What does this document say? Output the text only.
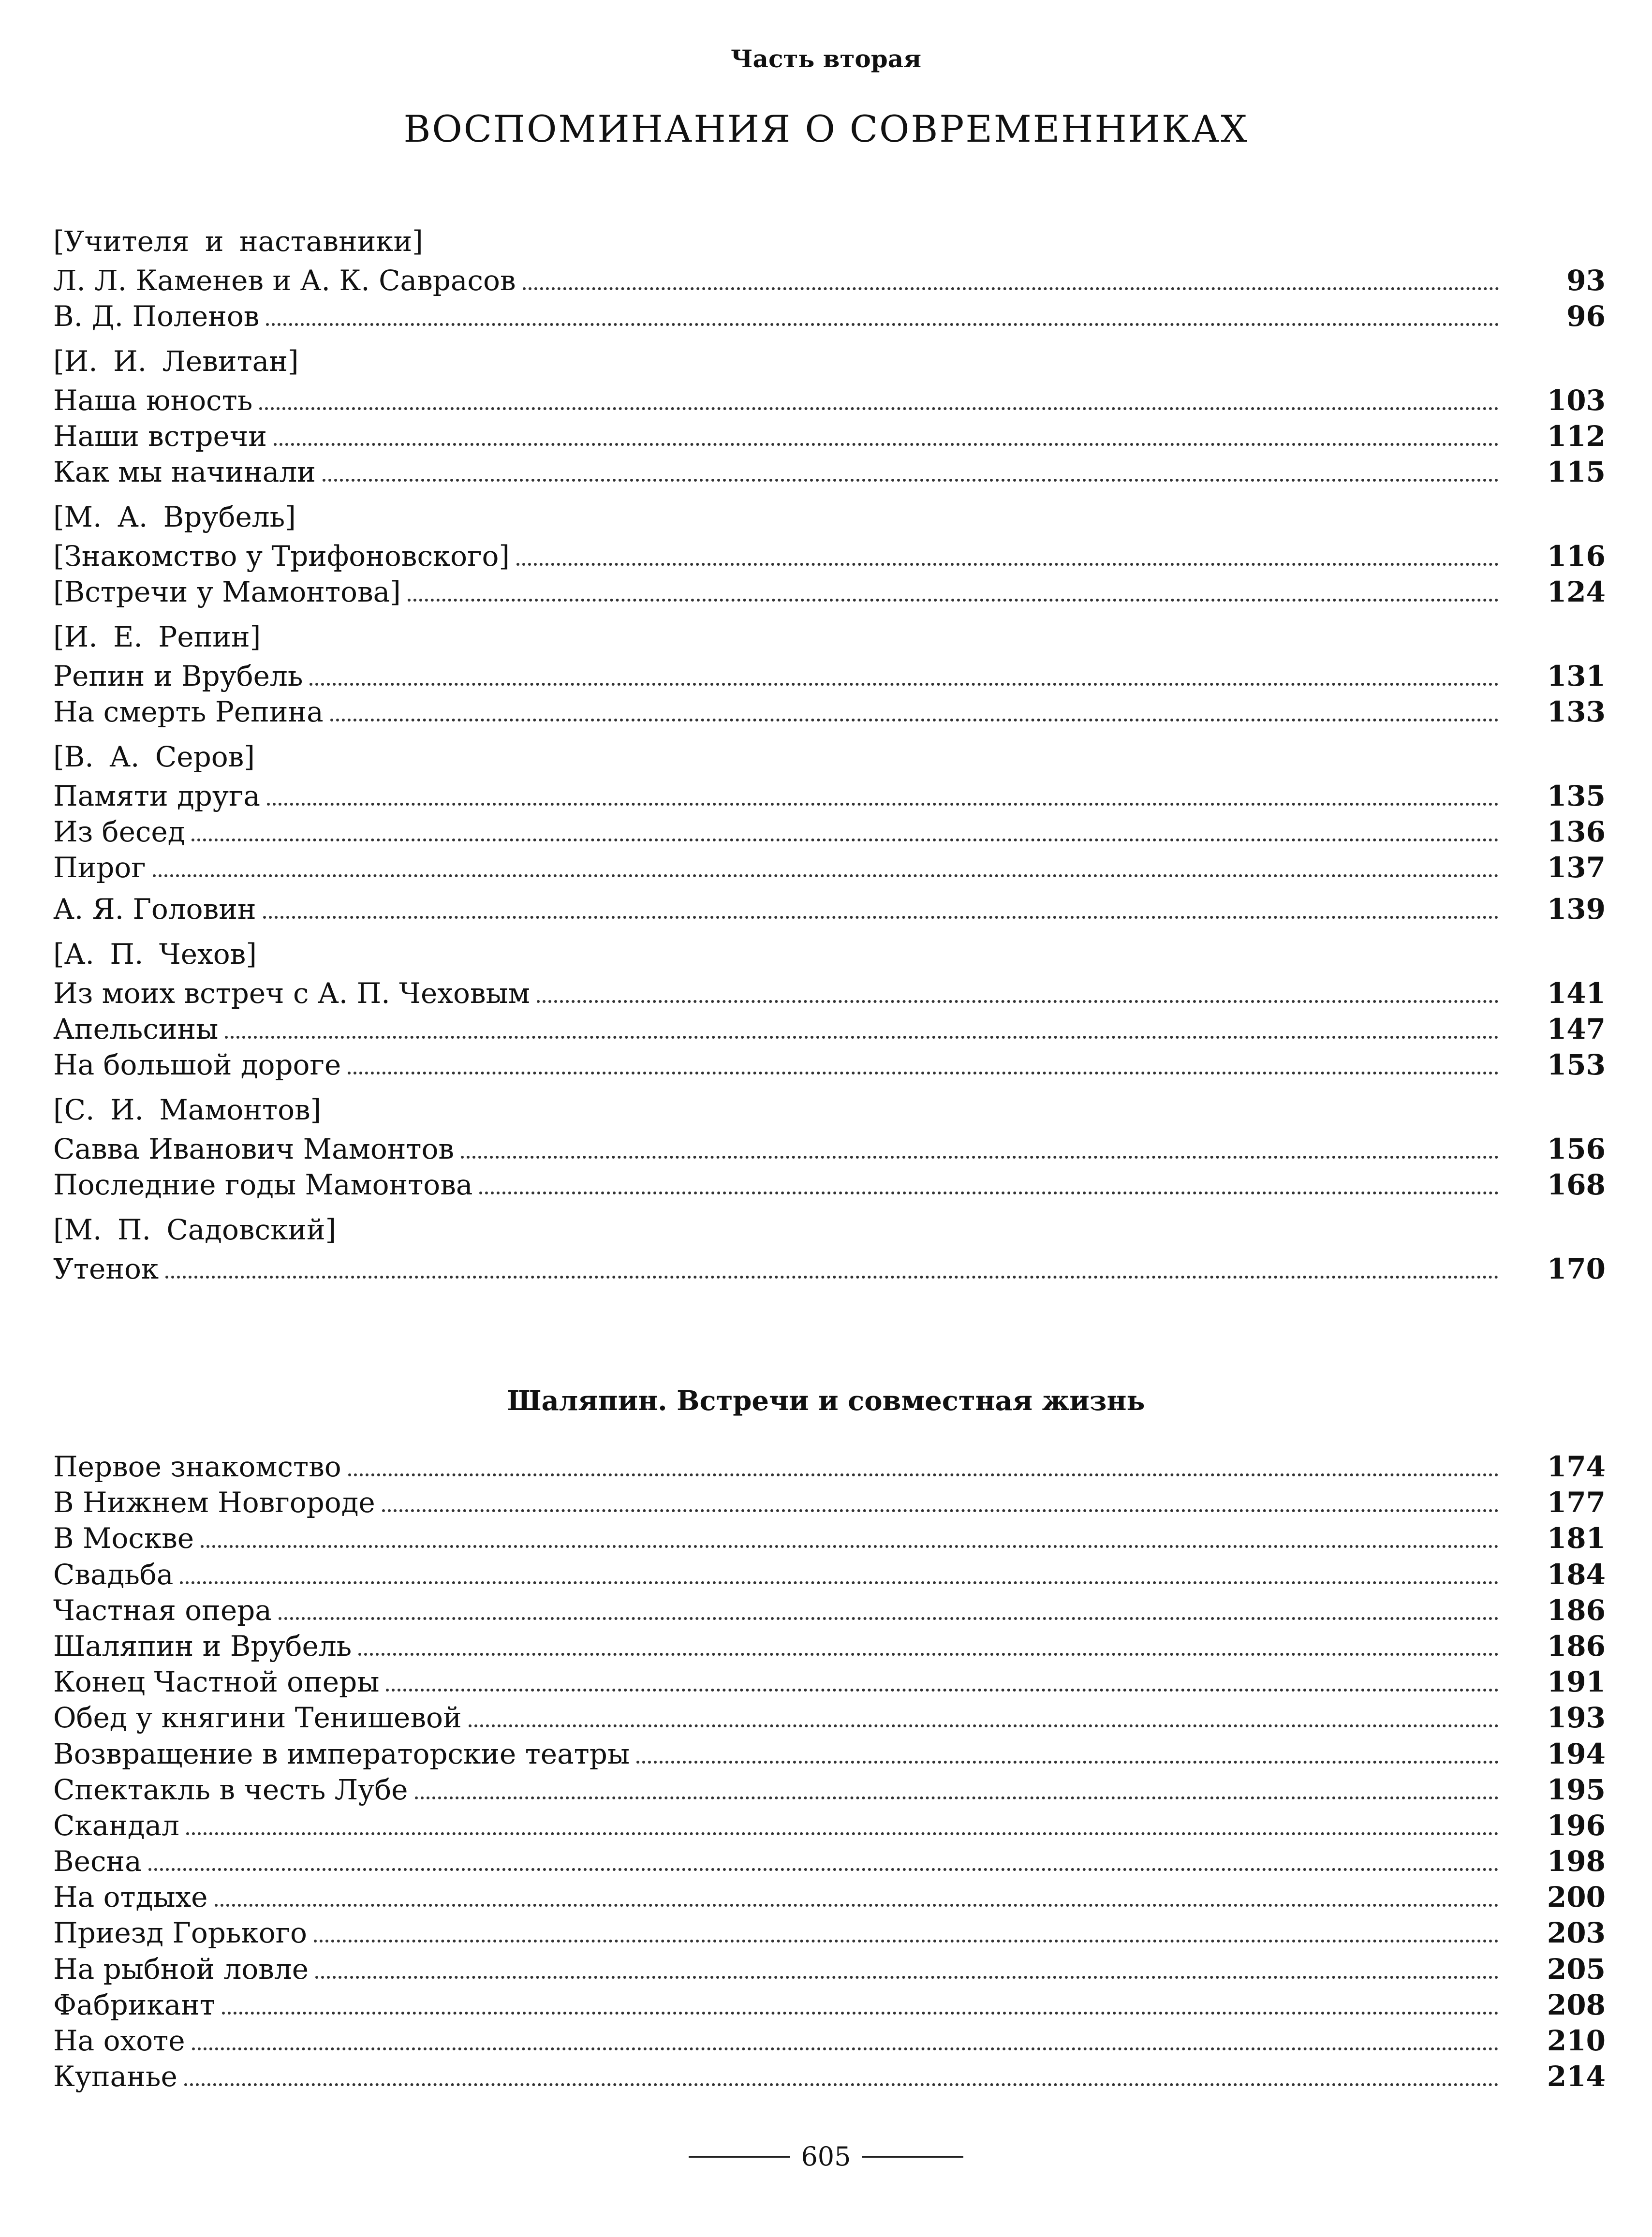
Часть вторая
ВОСПОМИНАНИЯ О СОВРЕМЕННИКАХ
[Учителя и наставники]
Л. Л. Каменев и А. К. Саврасов	93
В. Д. Поленов	96
[И. И. Левитан]
Наша юность	103
Наши встречи	112
Как мы начинали	115
[М. А. Врубель]
[Знакомство у Трифоновского]	116
[Встречи у Мамонтова]	124
[И. Е. Репин]
Репин и Врубель	131
На смерть Репина	133
[В. А. Серов]
Памяти друга	135
Из бесед	136
Пирог	137
А. Я. Головин	139
[А. П. Чехов]
Из моих встреч с А. П. Чеховым	141
Апельсины	147
На большой дороге	153
[С. И. Мамонтов]
Савва Иванович Мамонтов	156
Последние годы Мамонтова	168
[М. П. Садовский]
Утенок	170
Шаляпин. Встречи и совместная жизнь
Первое знакомство	174
В Нижнем Новгороде	177
В Москве	181
Свадьба	184
Частная опера	186
Шаляпин и Врубель	186
Конец Частной оперы	191
Обед у княгини Тенишевой	193
Возвращение в императорские театры	194
Спектакль в честь Лубе	195
Скандал	196
Весна	198
На отдыхе	200
Приезд Горького	203
На рыбной ловле	205
Фабрикант	208
На охоте	210
Купанье	214
605
